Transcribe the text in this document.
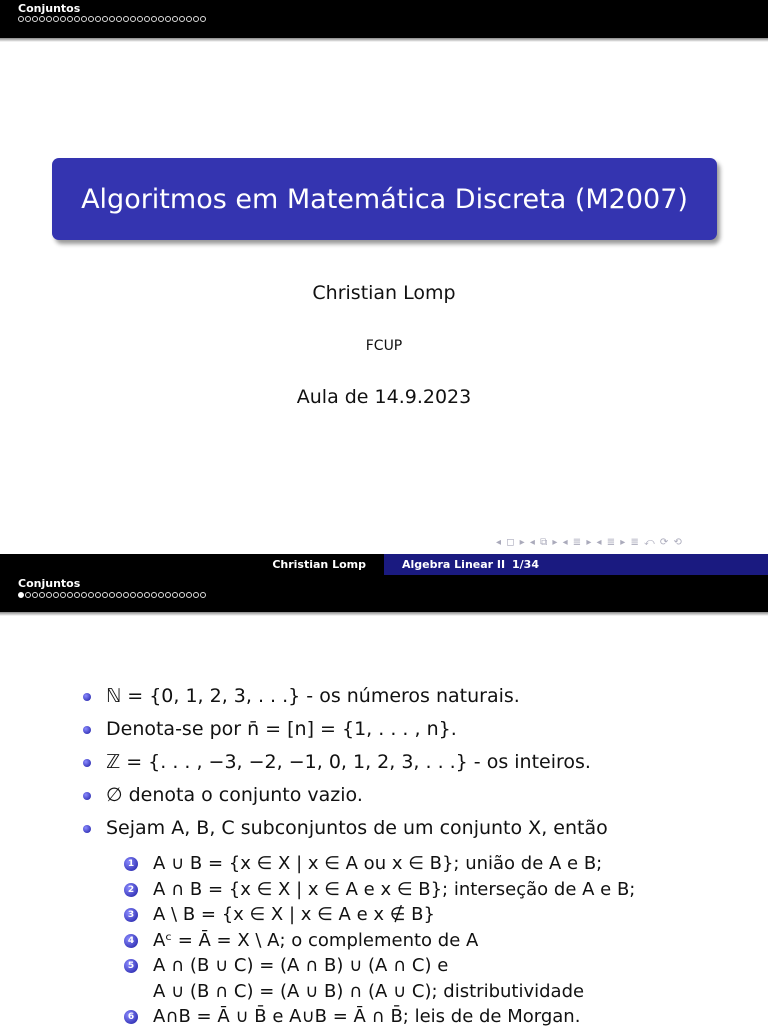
Conjuntos
Algoritmos em Matemática Discreta (M2007)
Christian Lomp
FCUP
Aula de 14.9.2023
◂ ◻ ▸ ◂ ⧉ ▸ ◂ ≣ ▸ ◂ ≣ ▸ ≣ ⤺ ⟳ ⟲
Christian Lomp	Algebra Linear II 1/34
Conjuntos
ℕ = {0, 1, 2, 3, . . .} - os números naturais.
Denota-se por n̄ = [n] = {1, . . . , n}.
ℤ = {. . . , −3, −2, −1, 0, 1, 2, 3, . . .} - os inteiros.
∅ denota o conjunto vazio.
Sejam A, B, C subconjuntos de um conjunto X, então
1 A ∪ B = {x ∈ X | x ∈ A ou x ∈ B}; união de A e B;
2 A ∩ B = {x ∈ X | x ∈ A e x ∈ B}; interseção de A e B;
3 A \ B = {x ∈ X | x ∈ A e x ∉ B}
4 Aᶜ = Ā = X \ A; o complemento de A
5 A ∩ (B ∪ C) = (A ∩ B) ∪ (A ∩ C) e
A ∪ (B ∩ C) = (A ∪ B) ∩ (A ∪ C); distributividade
6 A∩B = Ā ∪ B̄ e A∪B = Ā ∩ B̄; leis de de Morgan.
